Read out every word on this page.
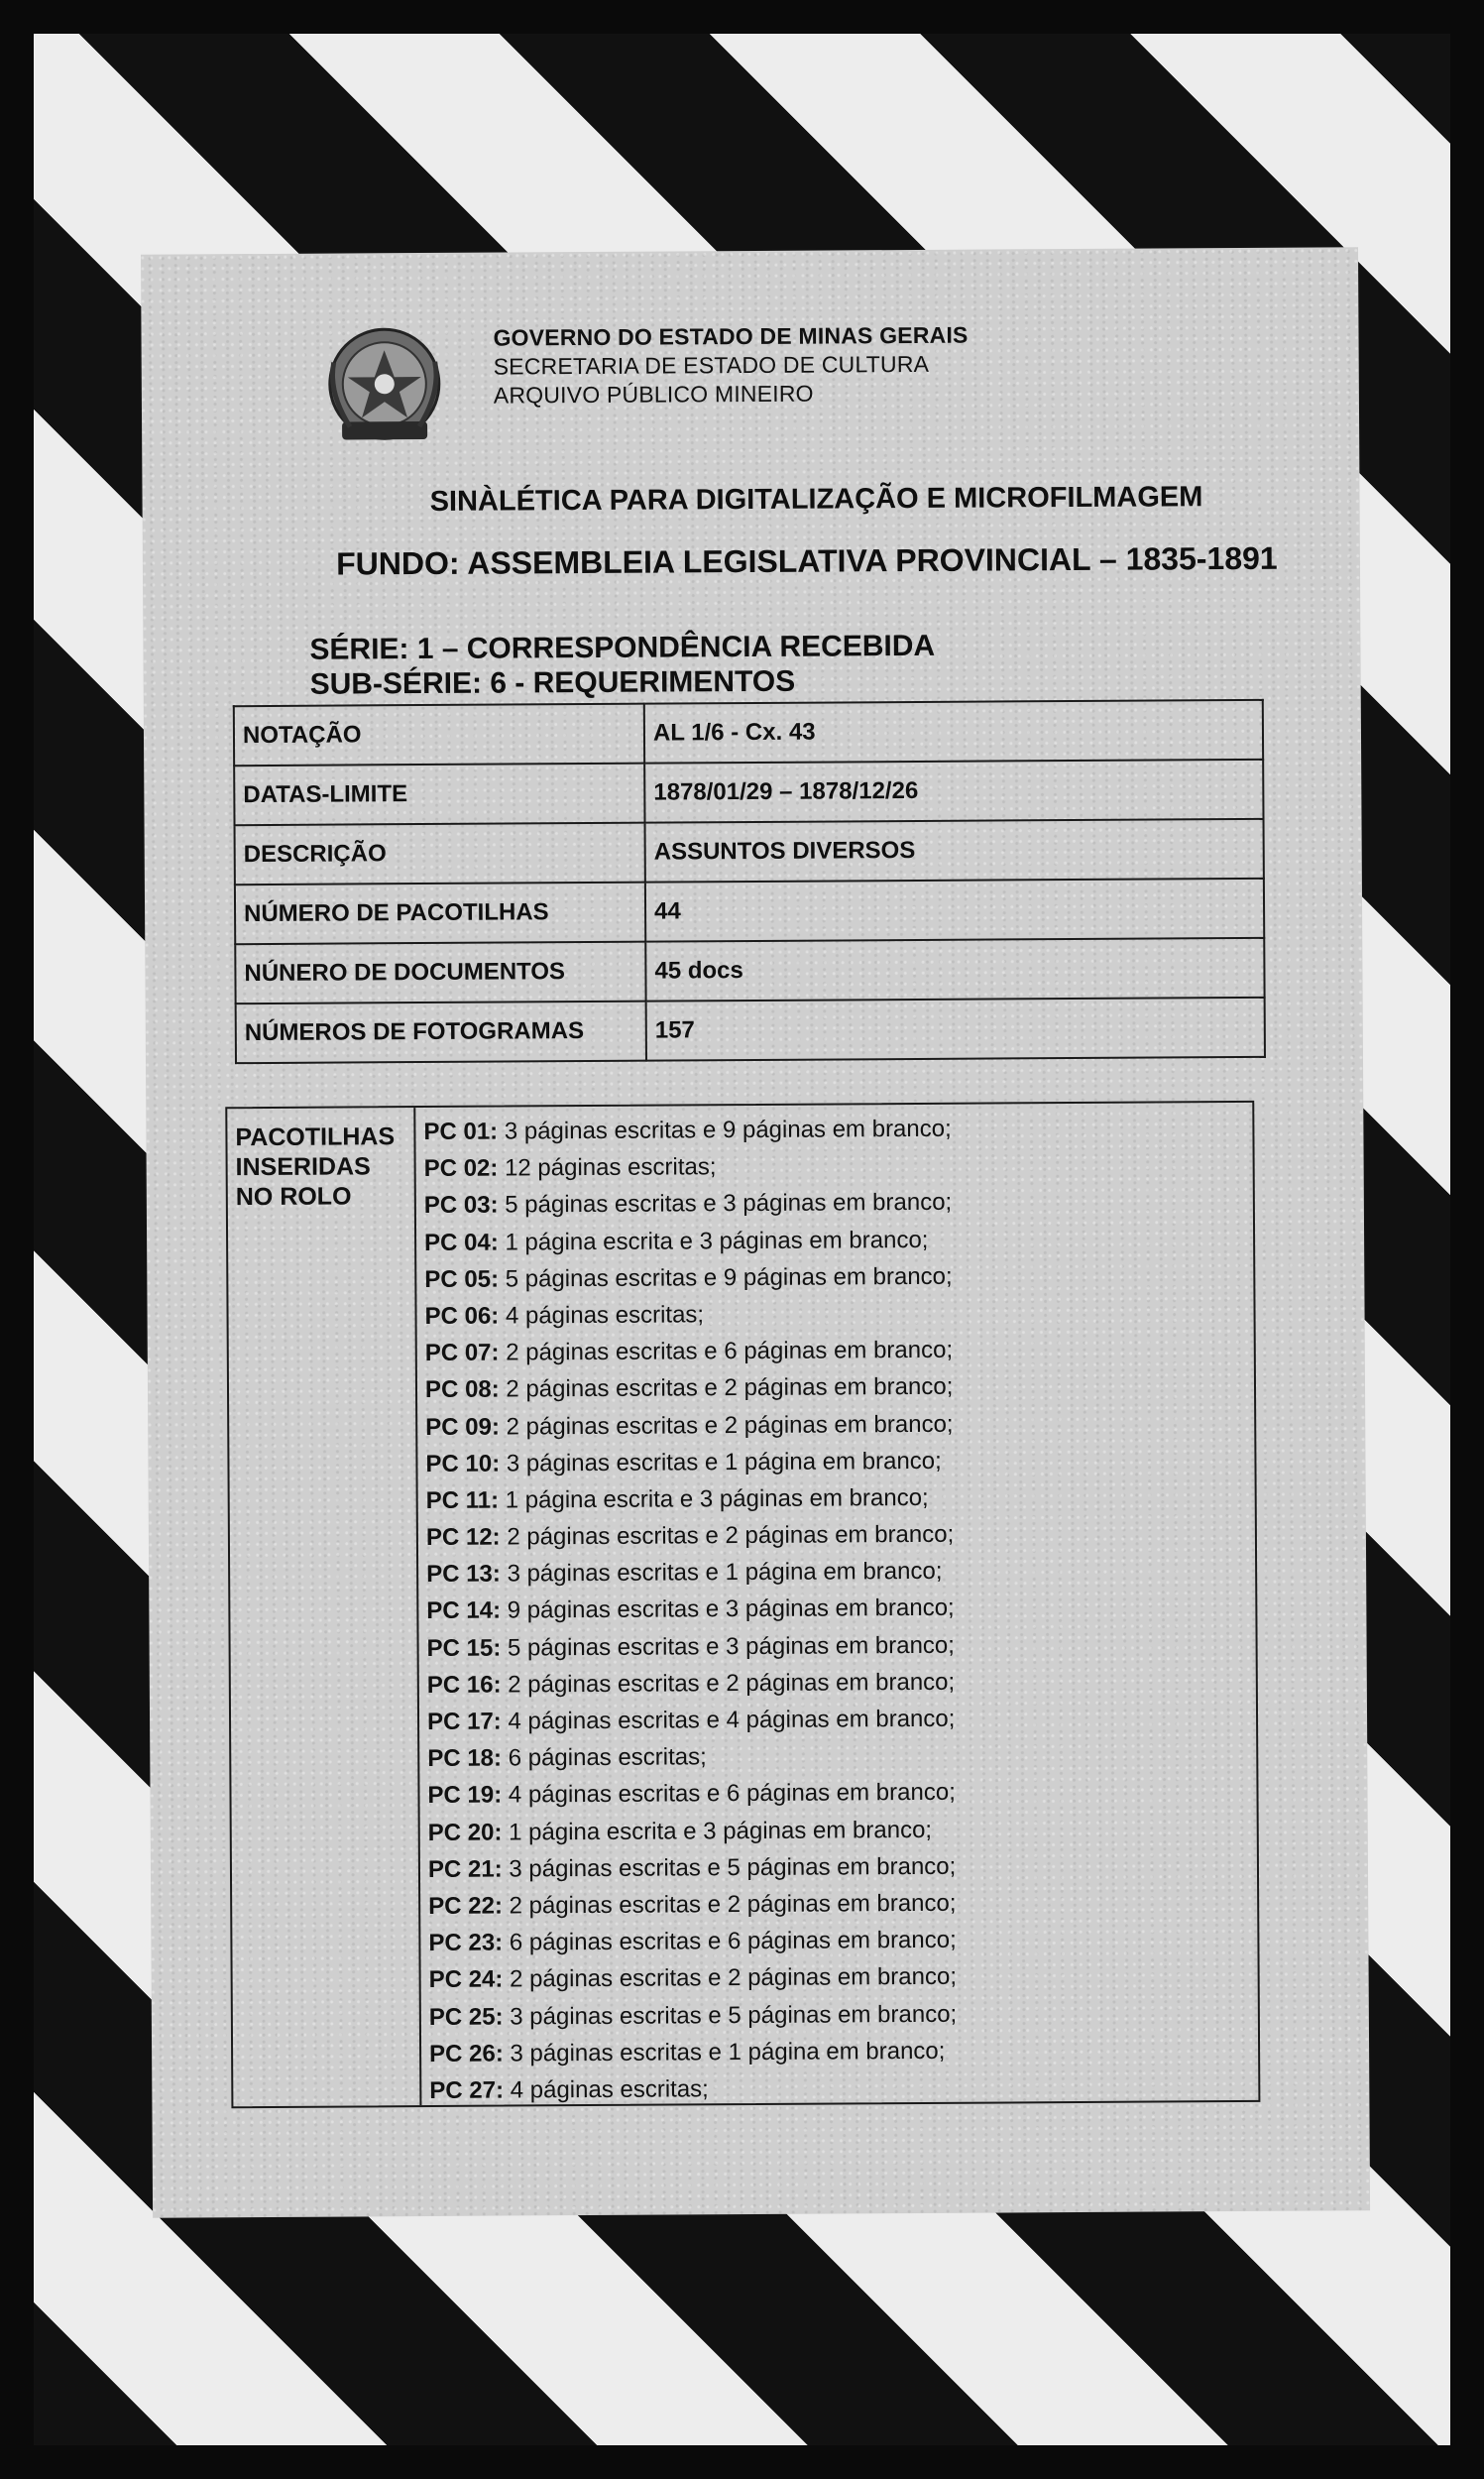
GOVERNO DO ESTADO DE MINAS GERAIS
SECRETARIA DE ESTADO DE CULTURA
ARQUIVO PÚBLICO MINEIRO
SINÀLÉTICA PARA DIGITALIZAÇÃO E MICROFILMAGEM
FUNDO: ASSEMBLEIA LEGISLATIVA PROVINCIAL – 1835-1891
SÉRIE: 1 – CORRESPONDÊNCIA RECEBIDA
SUB-SÉRIE: 6 - REQUERIMENTOS
NOTAÇÃO	AL 1/6 - Cx. 43
DATAS-LIMITE	1878/01/29 – 1878/12/26
DESCRIÇÃO	ASSUNTOS DIVERSOS
NÚMERO DE PACOTILHAS	44
NÚNERO DE DOCUMENTOS	45 docs
NÚMEROS DE FOTOGRAMAS	157
PACOTILHAS INSERIDAS NO ROLO
PC 01: 3 páginas escritas e 9 páginas em branco;
PC 02: 12 páginas escritas;
PC 03: 5 páginas escritas e 3 páginas em branco;
PC 04: 1 página escrita e 3 páginas em branco;
PC 05: 5 páginas escritas e 9 páginas em branco;
PC 06: 4 páginas escritas;
PC 07: 2 páginas escritas e 6 páginas em branco;
PC 08: 2 páginas escritas e 2 páginas em branco;
PC 09: 2 páginas escritas e 2 páginas em branco;
PC 10: 3 páginas escritas e 1 página em branco;
PC 11: 1 página escrita e 3 páginas em branco;
PC 12: 2 páginas escritas e 2 páginas em branco;
PC 13: 3 páginas escritas e 1 página em branco;
PC 14: 9 páginas escritas e 3 páginas em branco;
PC 15: 5 páginas escritas e 3 páginas em branco;
PC 16: 2 páginas escritas e 2 páginas em branco;
PC 17: 4 páginas escritas e 4 páginas em branco;
PC 18: 6 páginas escritas;
PC 19: 4 páginas escritas e 6 páginas em branco;
PC 20: 1 página escrita e 3 páginas em branco;
PC 21: 3 páginas escritas e 5 páginas em branco;
PC 22: 2 páginas escritas e 2 páginas em branco;
PC 23: 6 páginas escritas e 6 páginas em branco;
PC 24: 2 páginas escritas e 2 páginas em branco;
PC 25: 3 páginas escritas e 5 páginas em branco;
PC 26: 3 páginas escritas e 1 página em branco;
PC 27: 4 páginas escritas;
